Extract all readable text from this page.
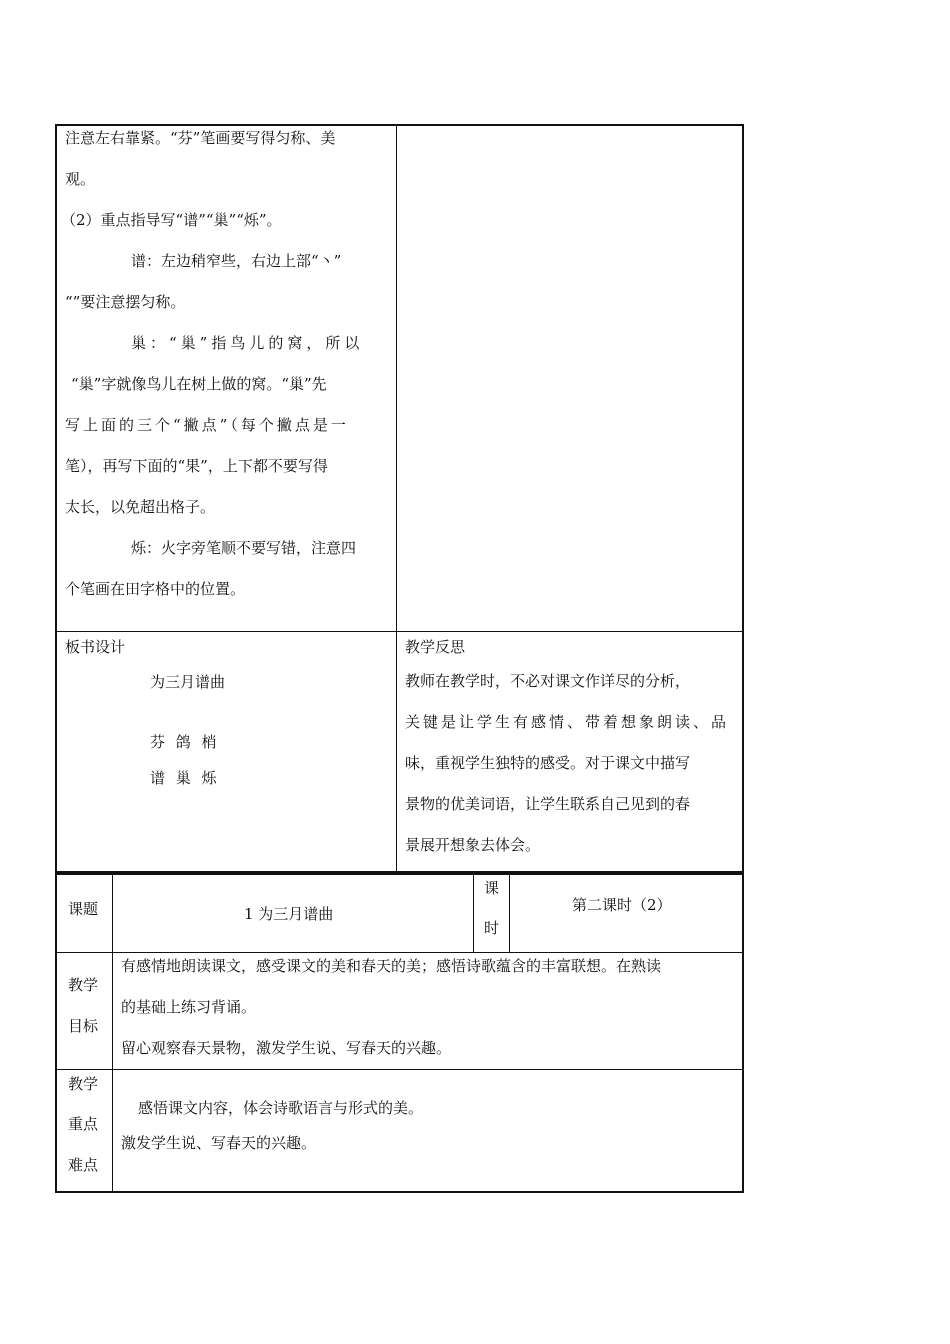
注意左右靠紧。“芬”笔画要写得匀称、美
观。
（2）重点指导写“谱”“巢”“烁”。
谱：左边稍窄些，右边上部“丶”
“”要注意摆匀称。
巢：“巢”指鸟儿的窝，所以
“巢”字就像鸟儿在树上做的窝。“巢”先
写上面的三个“撇点”（每个撇点是一
笔），再写下面的“果”，上下都不要写得
太长，以免超出格子。
烁：火字旁笔顺不要写错，注意四
个笔画在田字格中的位置。
板书设计
为三月谱曲
芬 鸽 梢
谱 巢 烁
教学反思
教师在教学时，不必对课文作详尽的分析，
关键是让学生有感情、带着想象朗读、品
味，重视学生独特的感受。对于课文中描写
景物的优美词语，让学生联系自己见到的春
景展开想象去体会。
课题	1 为三月谱曲
课
时
第二课时（2）
教学
目标
有感情地朗读课文，感受课文的美和春天的美；感悟诗歌蕴含的丰富联想。在熟读
的基础上练习背诵。
留心观察春天景物，激发学生说、写春天的兴趣。
教学
重点
难点
感悟课文内容，体会诗歌语言与形式的美。
激发学生说、写春天的兴趣。
